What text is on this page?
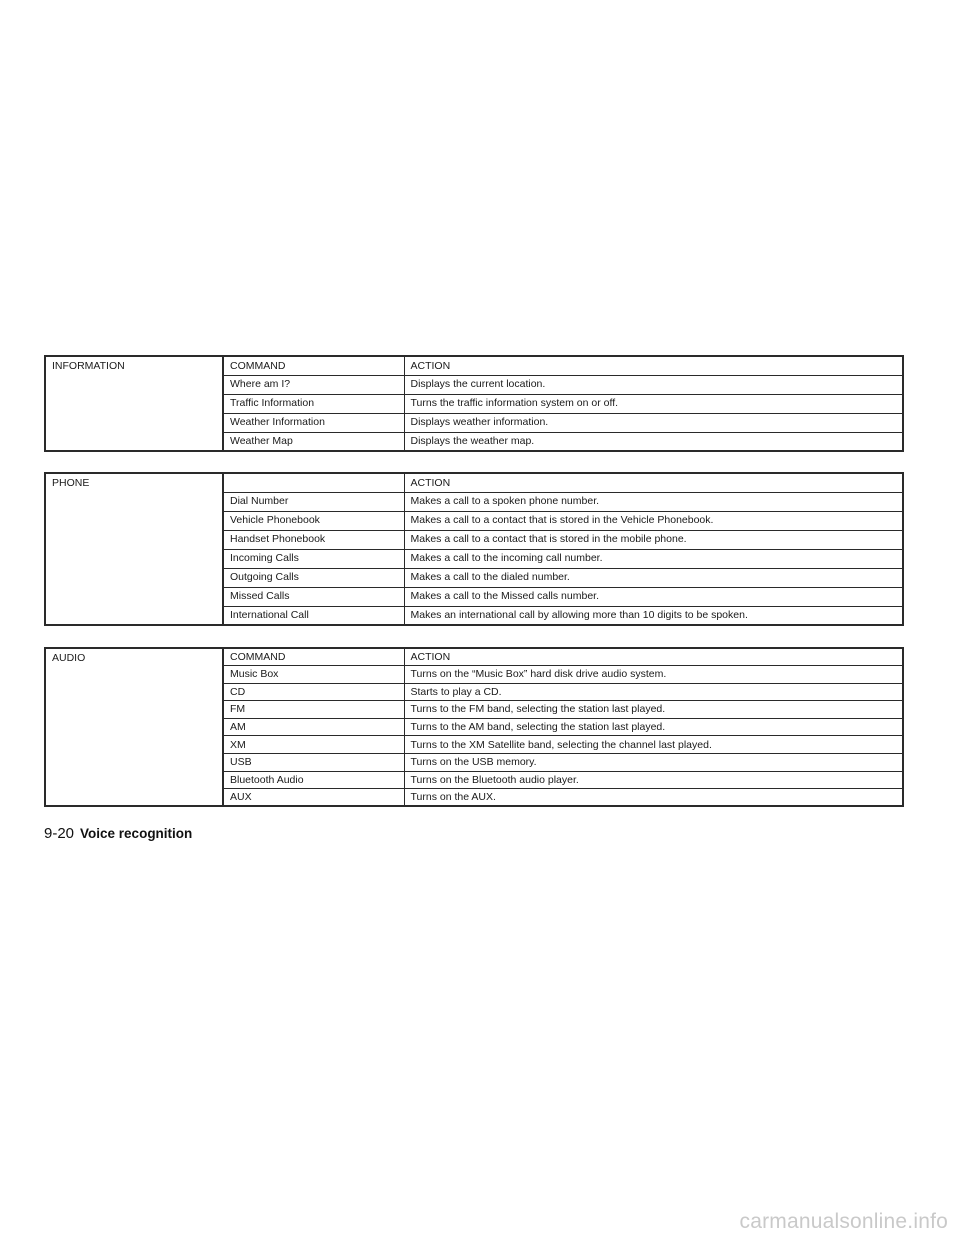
INFORMATION	COMMAND	ACTION
	Where am I?	Displays the current location.
	Traffic Information	Turns the traffic information system on or off.
	Weather Information	Displays weather information.
	Weather Map	Displays the weather map.
PHONE		ACTION
	Dial Number	Makes a call to a spoken phone number.
	Vehicle Phonebook	Makes a call to a contact that is stored in the Vehicle Phonebook.
	Handset Phonebook	Makes a call to a contact that is stored in the mobile phone.
	Incoming Calls	Makes a call to the incoming call number.
	Outgoing Calls	Makes a call to the dialed number.
	Missed Calls	Makes a call to the Missed calls number.
	International Call	Makes an international call by allowing more than 10 digits to be spoken.
AUDIO	COMMAND	ACTION
	Music Box	Turns on the “Music Box” hard disk drive audio system.
	CD	Starts to play a CD.
	FM	Turns to the FM band, selecting the station last played.
	AM	Turns to the AM band, selecting the station last played.
	XM	Turns to the XM Satellite band, selecting the channel last played.
	USB	Turns on the USB memory.
	Bluetooth Audio	Turns on the Bluetooth audio player.
	AUX	Turns on the AUX.
9-20 Voice recognition
carmanualsonline.info
